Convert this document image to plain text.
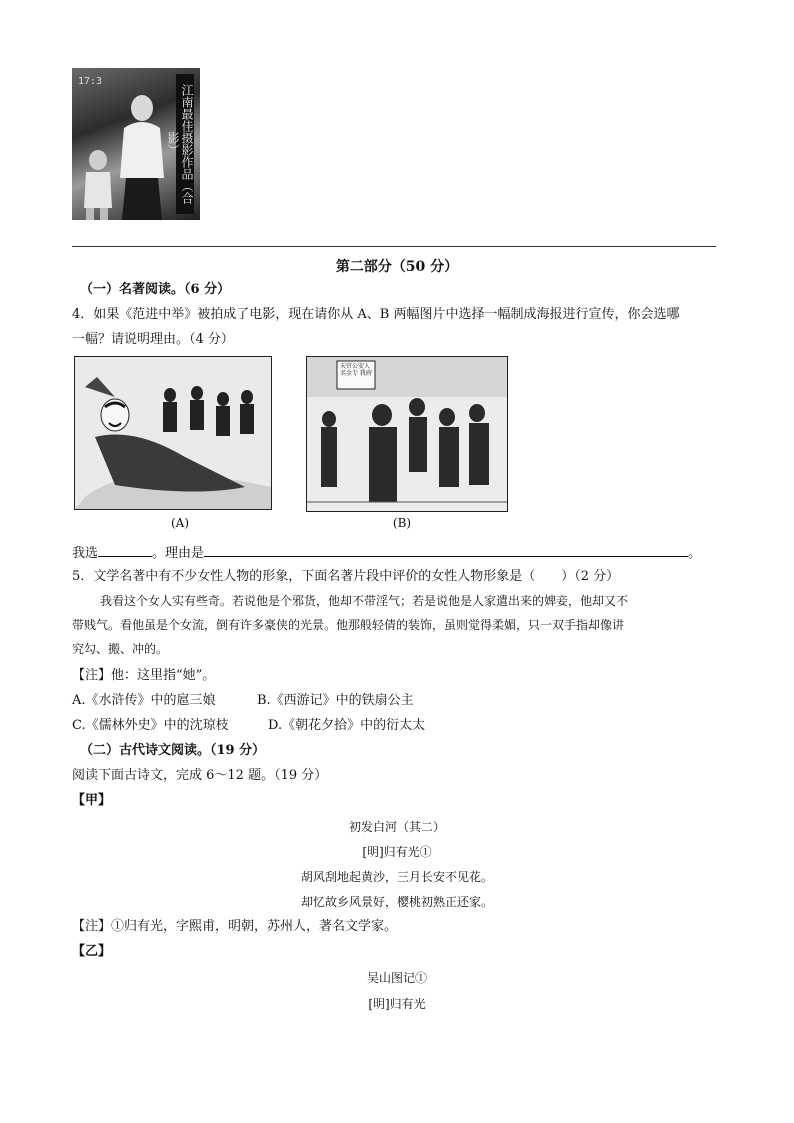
17:3
江南最佳摄影作品（合影）
第二部分（50 分）
（一）名著阅读。（6 分）
4．如果《范进中举》被拍成了电影，现在请你从 A、B 两幅图片中选择一幅制成海报进行宣传，你会选哪
一幅？请说明理由。（4 分）
(A)
天官公安人 名金专 我府
(B)
我选	。理由是	。
5．文学名著中有不少女性人物的形象，下面名著片段中评价的女性人物形象是（　　）（2 分）
我看这个女人实有些奇。若说他是个邪货，他却不带淫气；若是说他是人家遣出来的婢妾，他却又不
带贱气。看他虽是个女流，倒有许多豪侠的光景。他那般轻倩的装饰，虽则觉得柔媚，只一双手指却像讲
究勾、搬、冲的。
【注】他：这里指“她”。
A.《水浒传》中的扈三娘	B.《西游记》中的铁扇公主
C.《儒林外史》中的沈琼枝	D.《朝花夕拾》中的衍太太
（二）古代诗文阅读。（19 分）
阅读下面古诗文，完成 6～12 题。（19 分）
【甲】
初发白河（其二）
[明]归有光①
胡风刮地起黄沙，三月长安不见花。
却忆故乡风景好，樱桃初熟正还家。
【注】①归有光，字熙甫，明朝，苏州人，著名文学家。
【乙】
吴山图记①
[明]归有光
